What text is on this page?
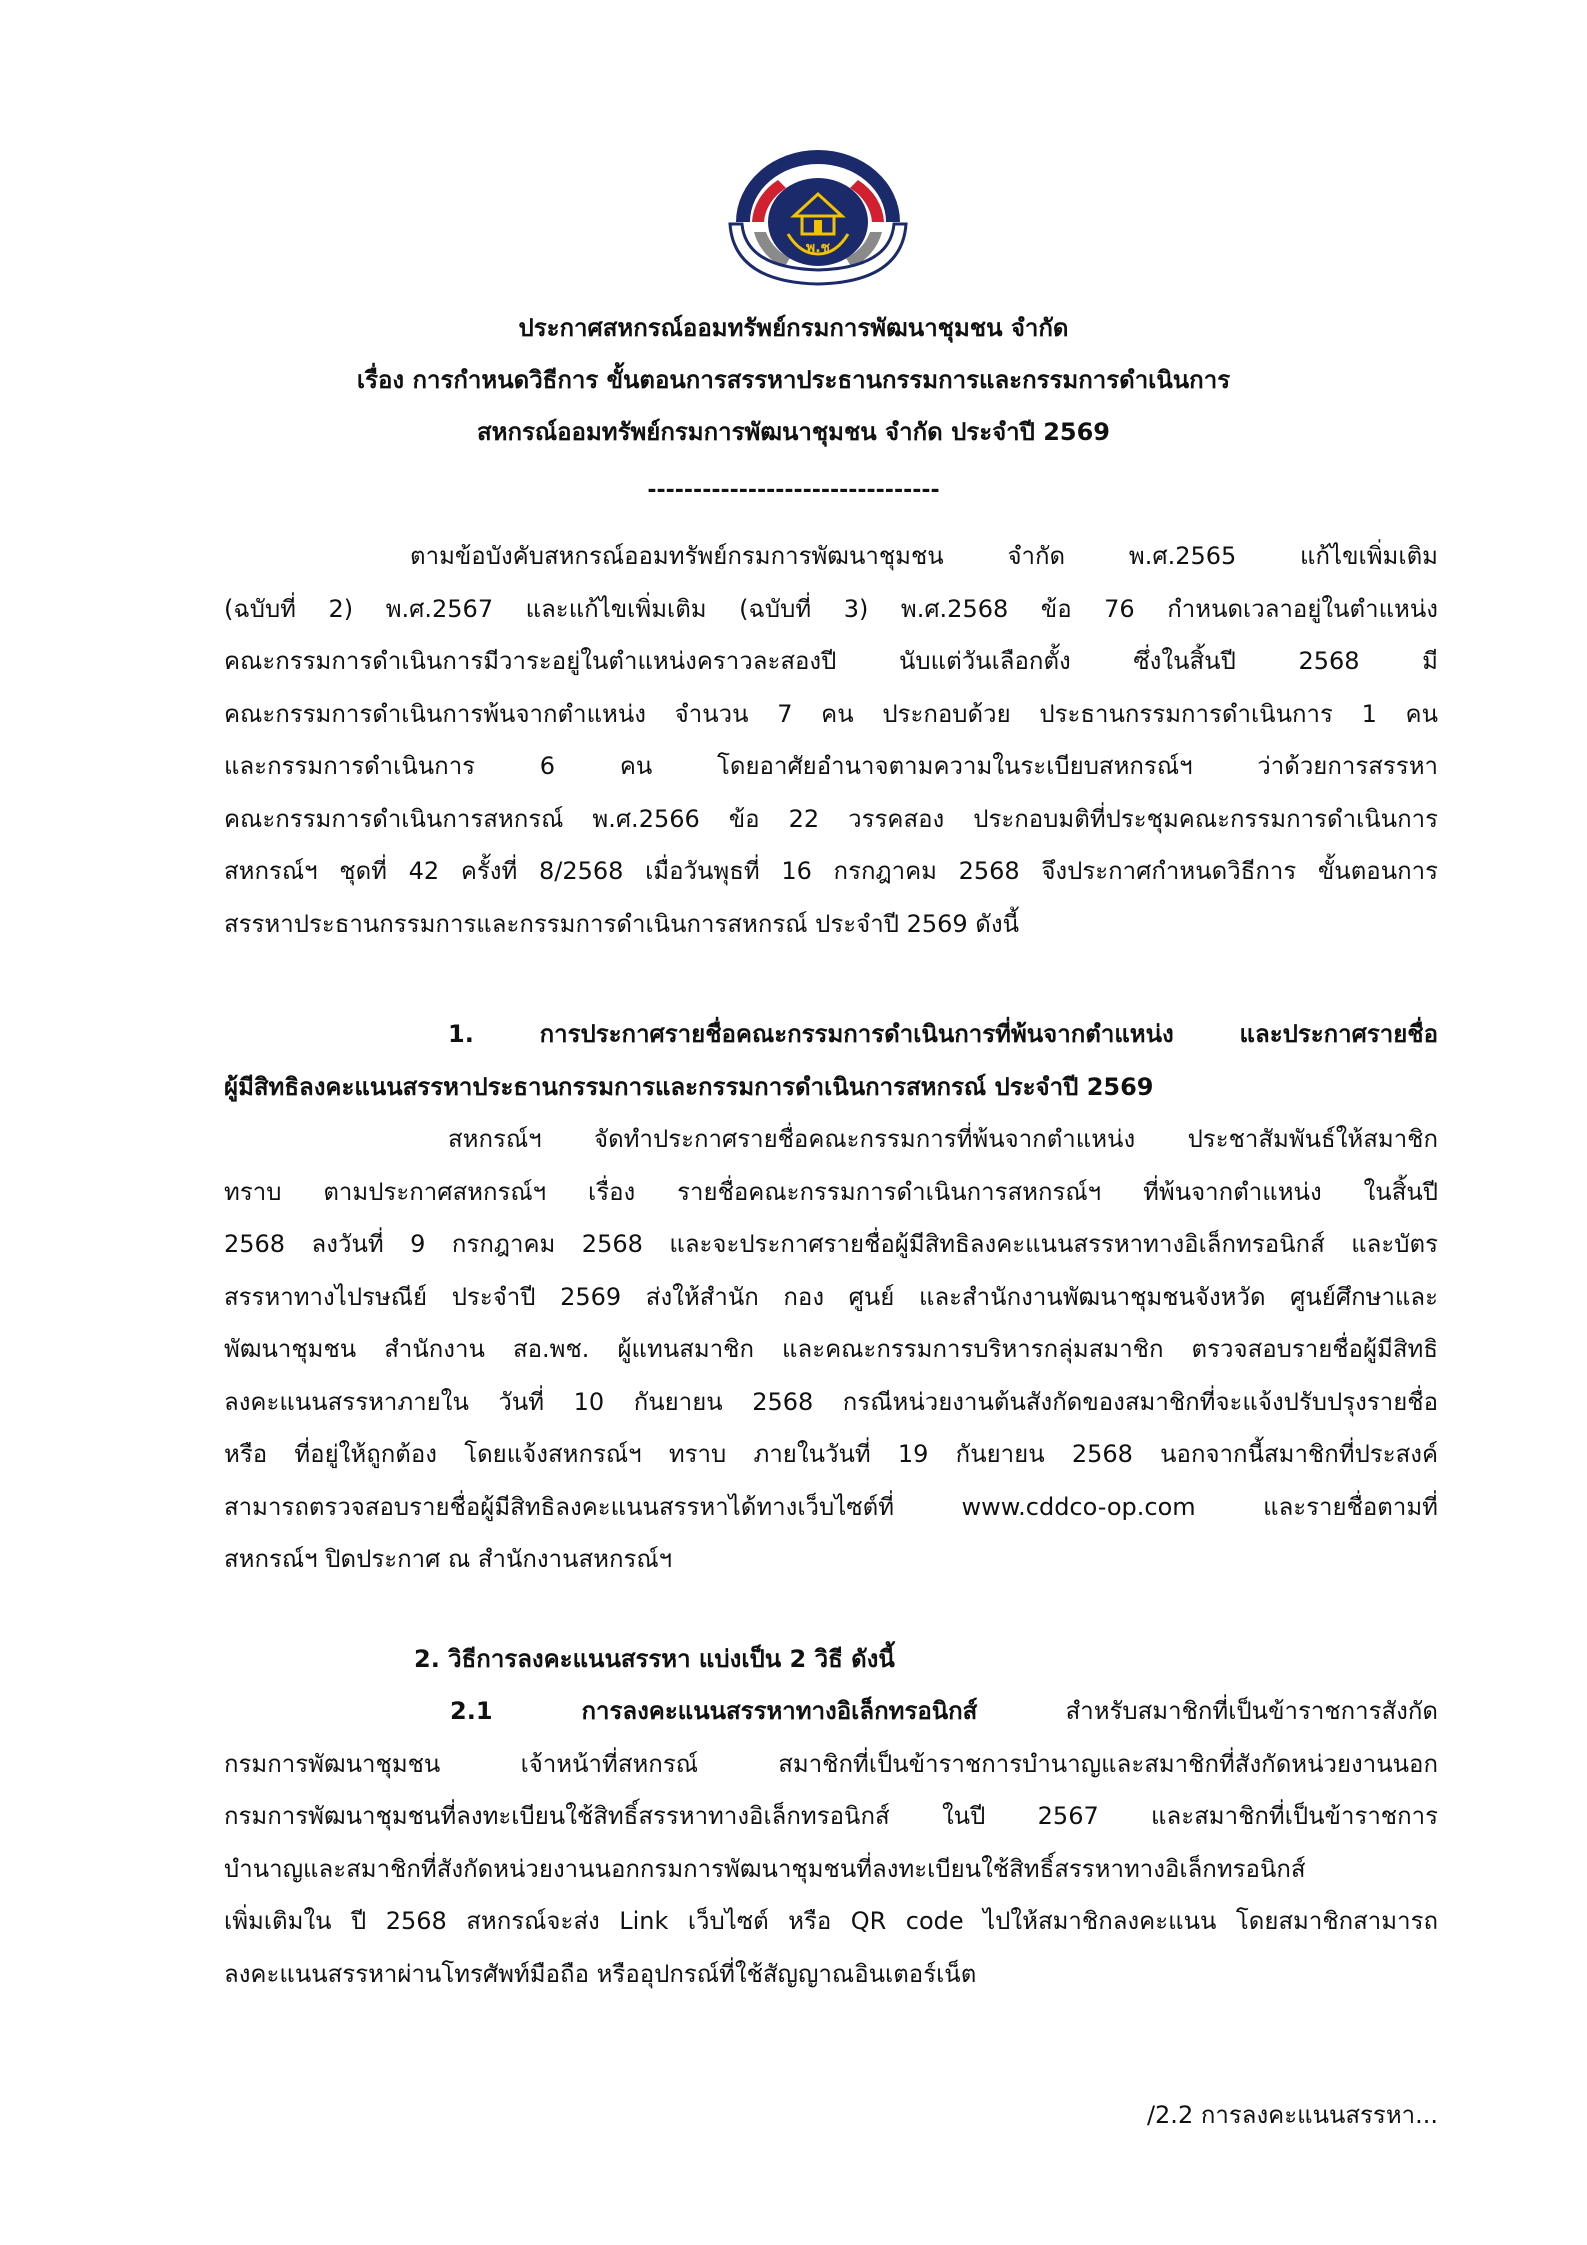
พ.ช
ประกาศสหกรณ์ออมทรัพย์กรมการพัฒนาชุมชน จำกัด
เรื่อง การกำหนดวิธีการ ขั้นตอนการสรรหาประธานกรรมการและกรรมการดำเนินการ
สหกรณ์ออมทรัพย์กรมการพัฒนาชุมชน จำกัด ประจำปี 2569
--------------------------------
ตามข้อบังคับสหกรณ์ออมทรัพย์กรมการพัฒนาชุมชน จำกัด พ.ศ.2565 แก้ไขเพิ่มเติม
(ฉบับที่ 2) พ.ศ.2567 และแก้ไขเพิ่มเติม (ฉบับที่ 3) พ.ศ.2568 ข้อ 76 กำหนดเวลาอยู่ในตำแหน่ง
คณะกรรมการดำเนินการมีวาระอยู่ในตำแหน่งคราวละสองปี นับแต่วันเลือกตั้ง ซึ่งในสิ้นปี 2568 มี
คณะกรรมการดำเนินการพ้นจากตำแหน่ง จำนวน 7 คน ประกอบด้วย ประธานกรรมการดำเนินการ 1 คน
และกรรมการดำเนินการ 6 คน โดยอาศัยอำนาจตามความในระเบียบสหกรณ์ฯ ว่าด้วยการสรรหา
คณะกรรมการดำเนินการสหกรณ์ พ.ศ.2566 ข้อ 22 วรรคสอง ประกอบมติที่ประชุมคณะกรรมการดำเนินการ
สหกรณ์ฯ ชุดที่ 42 ครั้งที่ 8/2568 เมื่อวันพุธที่ 16 กรกฎาคม 2568 จึงประกาศกำหนดวิธีการ ขั้นตอนการ
สรรหาประธานกรรมการและกรรมการดำเนินการสหกรณ์ ประจำปี 2569 ดังนี้
1. การประกาศรายชื่อคณะกรรมการดำเนินการที่พ้นจากตำแหน่ง และประกาศรายชื่อ
ผู้มีสิทธิลงคะแนนสรรหาประธานกรรมการและกรรมการดำเนินการสหกรณ์ ประจำปี 2569
สหกรณ์ฯ จัดทำประกาศรายชื่อคณะกรรมการที่พ้นจากตำแหน่ง ประชาสัมพันธ์ให้สมาชิก
ทราบ ตามประกาศสหกรณ์ฯ เรื่อง รายชื่อคณะกรรมการดำเนินการสหกรณ์ฯ ที่พ้นจากตำแหน่ง ในสิ้นปี
2568 ลงวันที่ 9 กรกฎาคม 2568 และจะประกาศรายชื่อผู้มีสิทธิลงคะแนนสรรหาทางอิเล็กทรอนิกส์ และบัตร
สรรหาทางไปรษณีย์ ประจำปี 2569 ส่งให้สำนัก กอง ศูนย์ และสำนักงานพัฒนาชุมชนจังหวัด ศูนย์ศึกษาและ
พัฒนาชุมชน สำนักงาน สอ.พช. ผู้แทนสมาชิก และคณะกรรมการบริหารกลุ่มสมาชิก ตรวจสอบรายชื่อผู้มีสิทธิ
ลงคะแนนสรรหาภายใน วันที่ 10 กันยายน 2568 กรณีหน่วยงานต้นสังกัดของสมาชิกที่จะแจ้งปรับปรุงรายชื่อ
หรือ ที่อยู่ให้ถูกต้อง โดยแจ้งสหกรณ์ฯ ทราบ ภายในวันที่ 19 กันยายน 2568 นอกจากนี้สมาชิกที่ประสงค์
สามารถตรวจสอบรายชื่อผู้มีสิทธิลงคะแนนสรรหาได้ทางเว็บไซต์ที่ www.cddco-op.com และรายชื่อตามที่
สหกรณ์ฯ ปิดประกาศ ณ สำนักงานสหกรณ์ฯ
2. วิธีการลงคะแนนสรรหา แบ่งเป็น 2 วิธี ดังนี้
2.1 การลงคะแนนสรรหาทางอิเล็กทรอนิกส์ สำหรับสมาชิกที่เป็นข้าราชการสังกัด
กรมการพัฒนาชุมชน เจ้าหน้าที่สหกรณ์ สมาชิกที่เป็นข้าราชการบำนาญและสมาชิกที่สังกัดหน่วยงานนอก
กรมการพัฒนาชุมชนที่ลงทะเบียนใช้สิทธิ์สรรหาทางอิเล็กทรอนิกส์ ในปี 2567 และสมาชิกที่เป็นข้าราชการ
บำนาญและสมาชิกที่สังกัดหน่วยงานนอกกรมการพัฒนาชุมชนที่ลงทะเบียนใช้สิทธิ์สรรหาทางอิเล็กทรอนิกส์
เพิ่มเติมใน ปี 2568 สหกรณ์จะส่ง Link เว็บไซต์ หรือ QR code ไปให้สมาชิกลงคะแนน โดยสมาชิกสามารถ
ลงคะแนนสรรหาผ่านโทรศัพท์มือถือ หรืออุปกรณ์ที่ใช้สัญญาณอินเตอร์เน็ต
/2.2 การลงคะแนนสรรหา...
